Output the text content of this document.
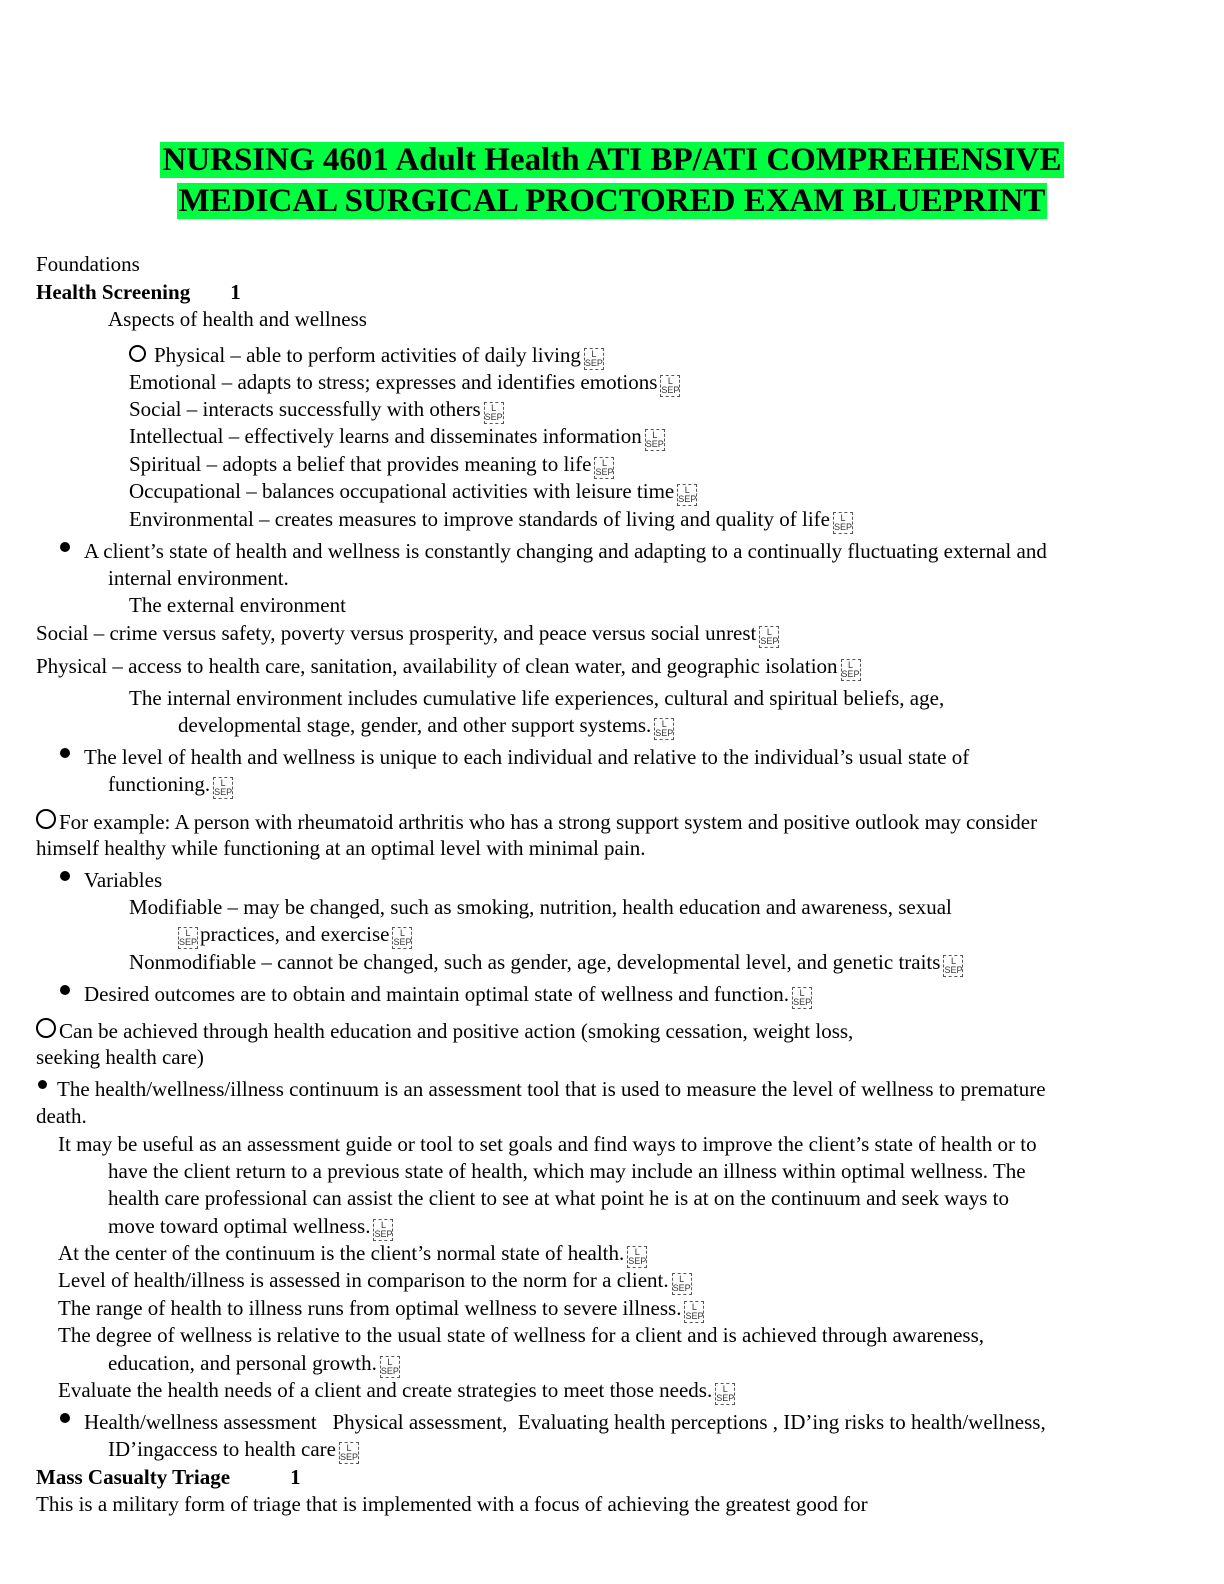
NURSING 4601 Adult Health ATI BP/ATI COMPREHENSIVE
MEDICAL SURGICAL PROCTORED EXAM BLUEPRINT
Foundations
Health Screening 1
Aspects of health and wellness
Physical – able to perform activities of daily living L
SEP
Emotional – adapts to stress; expresses and identifies emotions L
SEP
Social – interacts successfully with others L
SEP
Intellectual – effectively learns and disseminates information L
SEP
Spiritual – adopts a belief that provides meaning to life L
SEP
Occupational – balances occupational activities with leisure time L
SEP
Environmental – creates measures to improve standards of living and quality of life L
SEP
A client’s state of health and wellness is constantly changing and adapting to a continually fluctuating external and
internal environment.
The external environment
Social – crime versus safety, poverty versus prosperity, and peace versus social unrest L
SEP
Physical – access to health care, sanitation, availability of clean water, and geographic isolation L
SEP
The internal environment includes cumulative life experiences, cultural and spiritual beliefs, age,
developmental stage, gender, and other support systems. L
SEP
The level of health and wellness is unique to each individual and relative to the individual’s usual state of
functioning. L
SEP
For example: A person with rheumatoid arthritis who has a strong support system and positive outlook may consider
himself healthy while functioning at an optimal level with minimal pain.
Variables
Modifiable – may be changed, such as smoking, nutrition, health education and awareness, sexual
L
SEP practices, and exercise L
SEP
Nonmodifiable – cannot be changed, such as gender, age, developmental level, and genetic traits L
SEP
Desired outcomes are to obtain and maintain optimal state of wellness and function. L
SEP
Can be achieved through health education and positive action (smoking cessation, weight loss,
seeking health care)
The health/wellness/illness continuum is an assessment tool that is used to measure the level of wellness to premature
death.
It may be useful as an assessment guide or tool to set goals and find ways to improve the client’s state of health or to
have the client return to a previous state of health, which may include an illness within optimal wellness. The
health care professional can assist the client to see at what point he is at on the continuum and seek ways to
move toward optimal wellness. L
SEP
At the center of the continuum is the client’s normal state of health. L
SEP
Level of health/illness is assessed in comparison to the norm for a client. L
SEP
The range of health to illness runs from optimal wellness to severe illness. L
SEP
The degree of wellness is relative to the usual state of wellness for a client and is achieved through awareness,
education, and personal growth. L
SEP
Evaluate the health needs of a client and create strategies to meet those needs. L
SEP
Health/wellness assessment   Physical assessment,  Evaluating health perceptions , ID’ing risks to health/wellness,
ID’ingaccess to health care L
SEP
Mass Casualty Triage	1
This is a military form of triage that is implemented with a focus of achieving the greatest good for
